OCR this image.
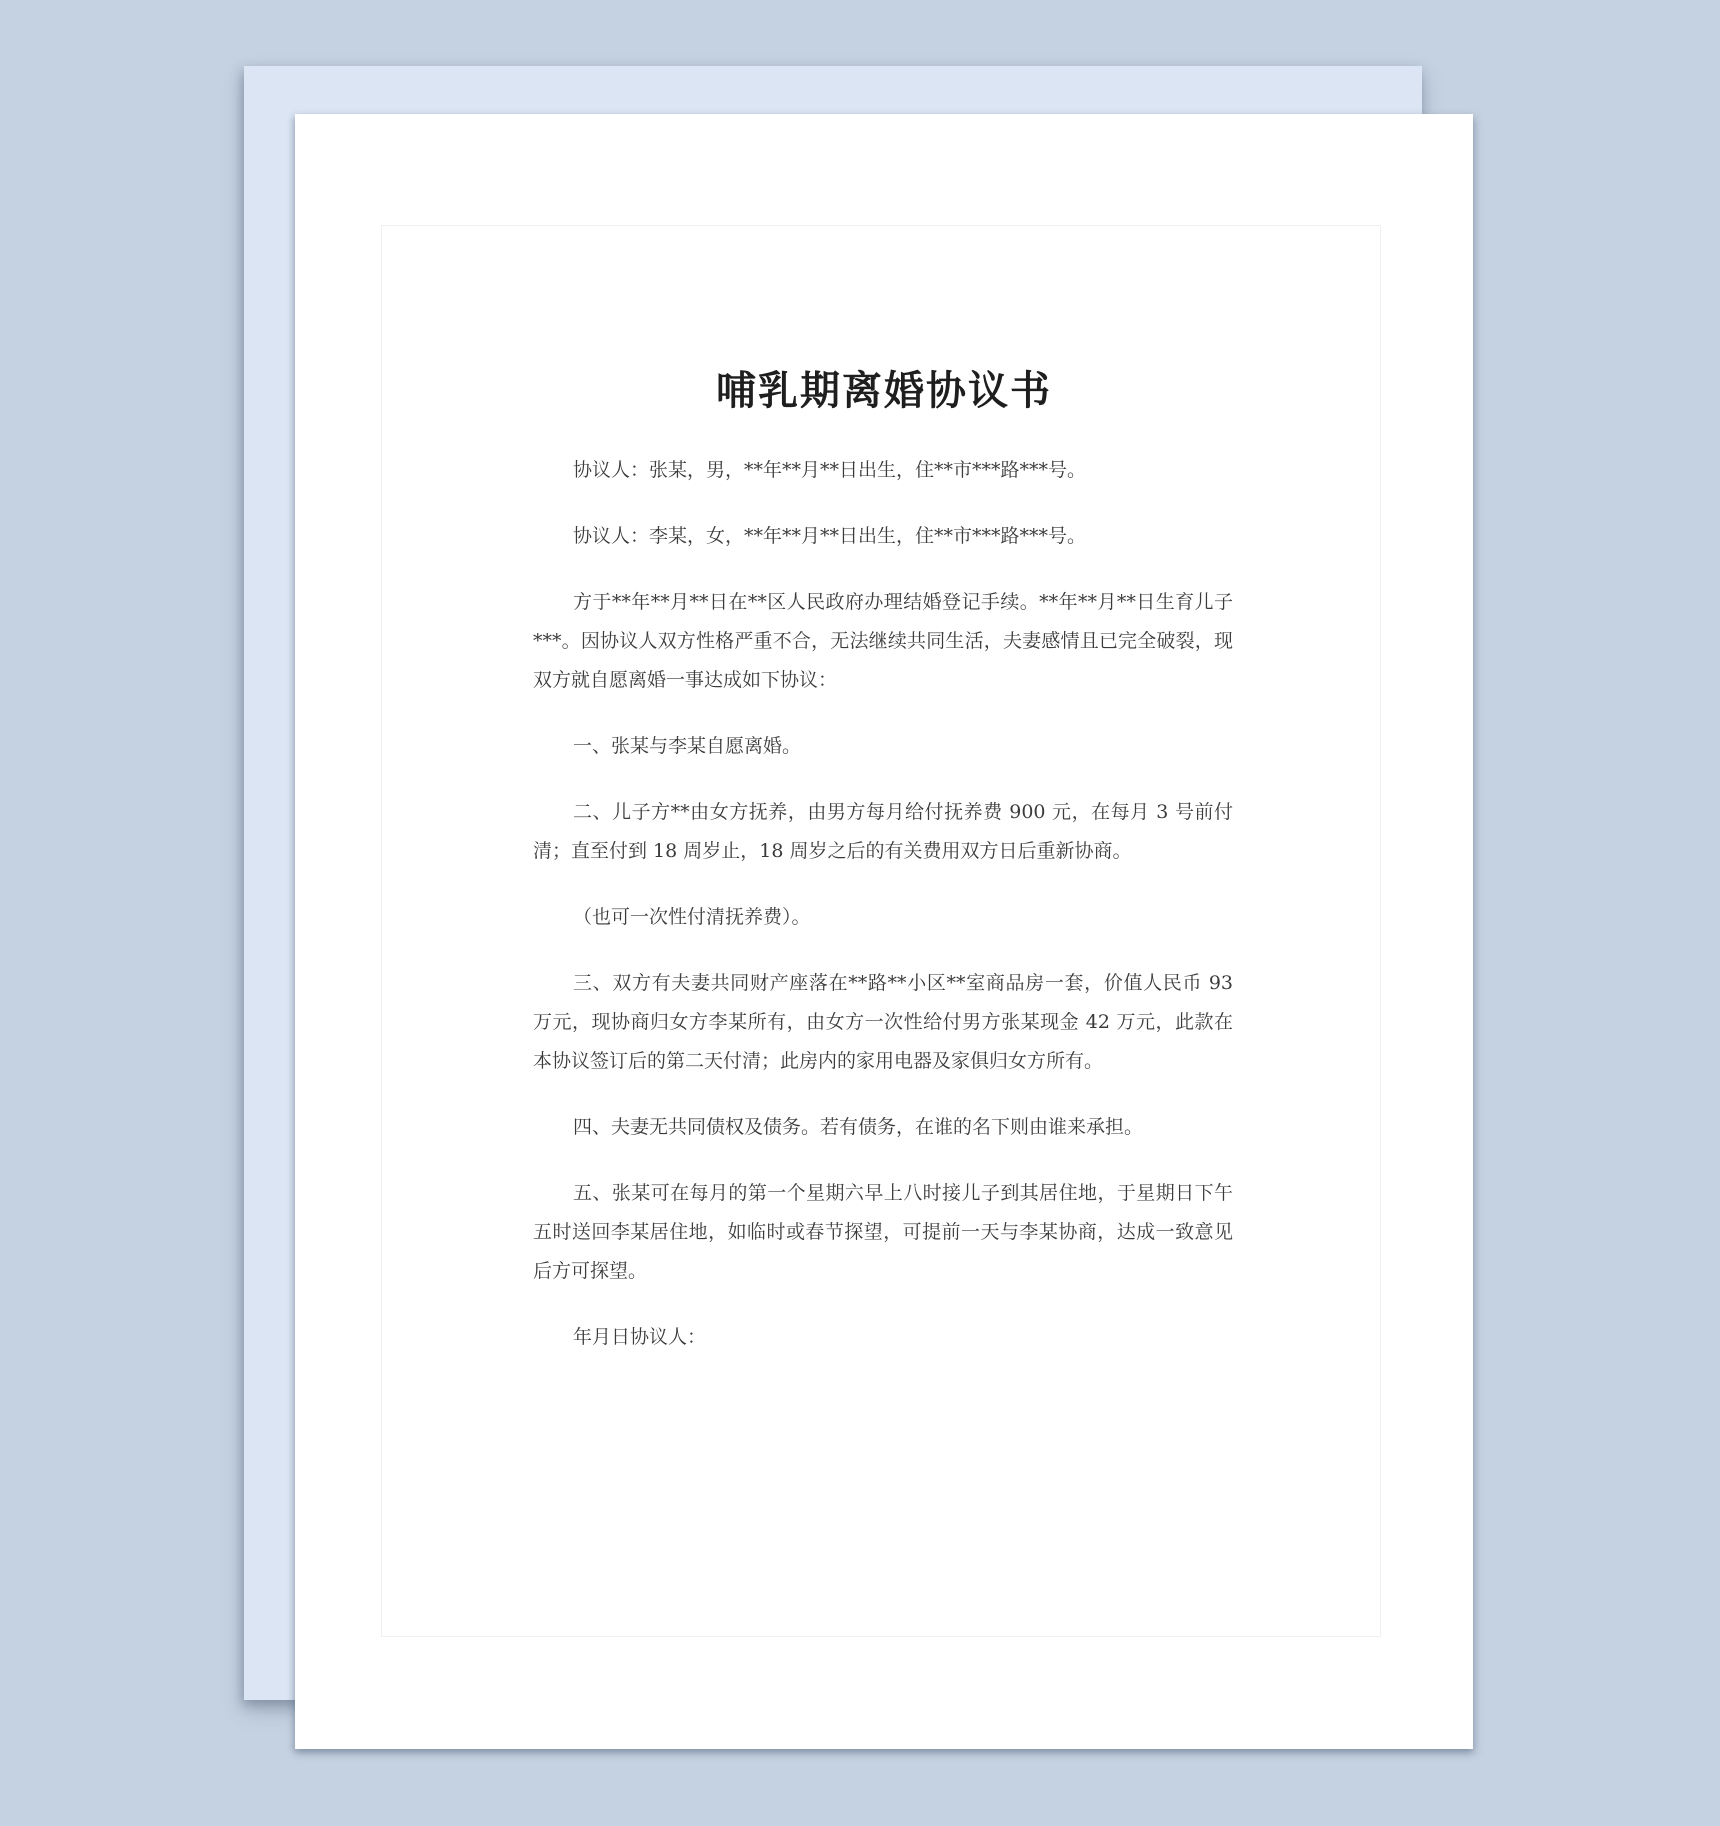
哺乳期离婚协议书

协议人：张某，男，**年**月**日出生，住**市***路***号。

协议人：李某，女，**年**月**日出生，住**市***路***号。

方于**年**月**日在**区人民政府办理结婚登记手续。**年**月**日生育儿子***。因协议人双方性格严重不合，无法继续共同生活，夫妻感情且已完全破裂，现双方就自愿离婚一事达成如下协议：

一、张某与李某自愿离婚。

二、儿子方**由女方抚养，由男方每月给付抚养费 900 元，在每月 3 号前付清；直至付到 18 周岁止，18 周岁之后的有关费用双方日后重新协商。

（也可一次性付清抚养费）。

三、双方有夫妻共同财产座落在**路**小区**室商品房一套，价值人民币 93 万元，现协商归女方李某所有，由女方一次性给付男方张某现金 42 万元，此款在本协议签订后的第二天付清；此房内的家用电器及家俱归女方所有。

四、夫妻无共同债权及债务。若有债务，在谁的名下则由谁来承担。

五、张某可在每月的第一个星期六早上八时接儿子到其居住地，于星期日下午五时送回李某居住地，如临时或春节探望，可提前一天与李某协商，达成一致意见后方可探望。

年月日协议人：
